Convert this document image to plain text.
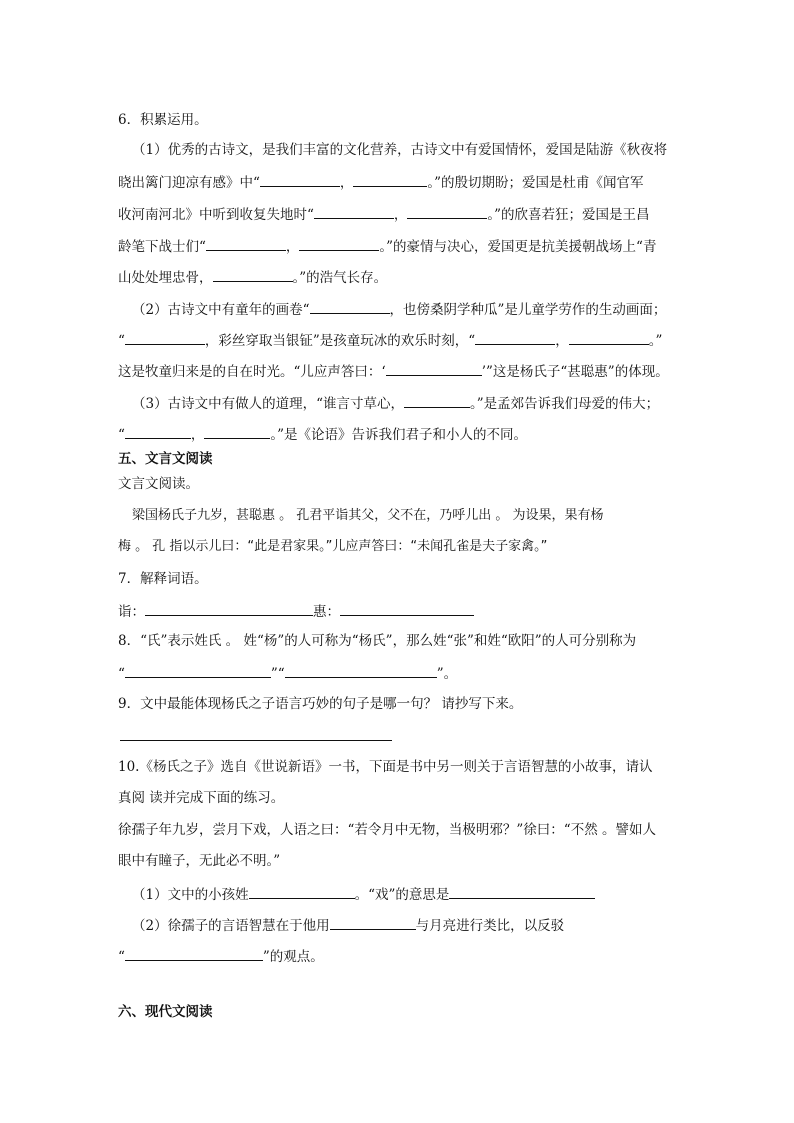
6．积累运用。
（1）优秀的古诗文，是我们丰富的文化营养，古诗文中有爱国情怀，爱国是陆游《秋夜将
晓出篱门迎凉有感》中“	，	。”的殷切期盼；爱国是杜甫《闻官军
收河南河北》中听到收复失地时“	，	。”的欣喜若狂；爱国是王昌
龄笔下战士们“	，	。”的豪情与决心，爱国更是抗美援朝战场上“青
山处处埋忠骨，	。”的浩气长存。
（2）古诗文中有童年的画卷“	，也傍桑阴学种瓜”是儿童学劳作的生动画面；
“	，彩丝穿取当银钲”是孩童玩冰的欢乐时刻，“	，	。”
这是牧童归来是的自在时光。“儿应声答曰：‘	’”这是杨氏子“甚聪惠”的体现。
（3）古诗文中有做人的道理，“谁言寸草心，	。”是孟郊告诉我们母爱的伟大；
“	，	。”是《论语》告诉我们君子和小人的不同。
五、文言文阅读
文言文阅读。
梁国杨氏子九岁，甚聪惠 。 孔君平诣其父，父不在，乃呼儿出 。 为设果，果有杨
梅 。 孔 指以示儿曰：“此是君家果。”儿应声答曰：“未闻孔雀是夫子家禽。”
7．解释词语。
诣：	惠：
8．“氏”表示姓氏 。 姓“杨”的人可称为“杨氏”，那么姓“张”和姓“欧阳”的人可分别称为
“	”“	”。
9．文中最能体现杨氏之子语言巧妙的句子是哪一句？ 请抄写下来。
10.《杨氏之子》选自《世说新语》一书，下面是书中另一则关于言语智慧的小故事，请认
真阅 读并完成下面的练习。
徐孺子年九岁，尝月下戏，人语之曰：“若令月中无物，当极明邪？”徐曰：“不然 。譬如人
眼中有瞳子，无此必不明。”
（1）文中的小孩姓	。“戏”的意思是
（2）徐孺子的言语智慧在于他用	与月亮进行类比，以反驳
“	”的观点。
六、现代文阅读
